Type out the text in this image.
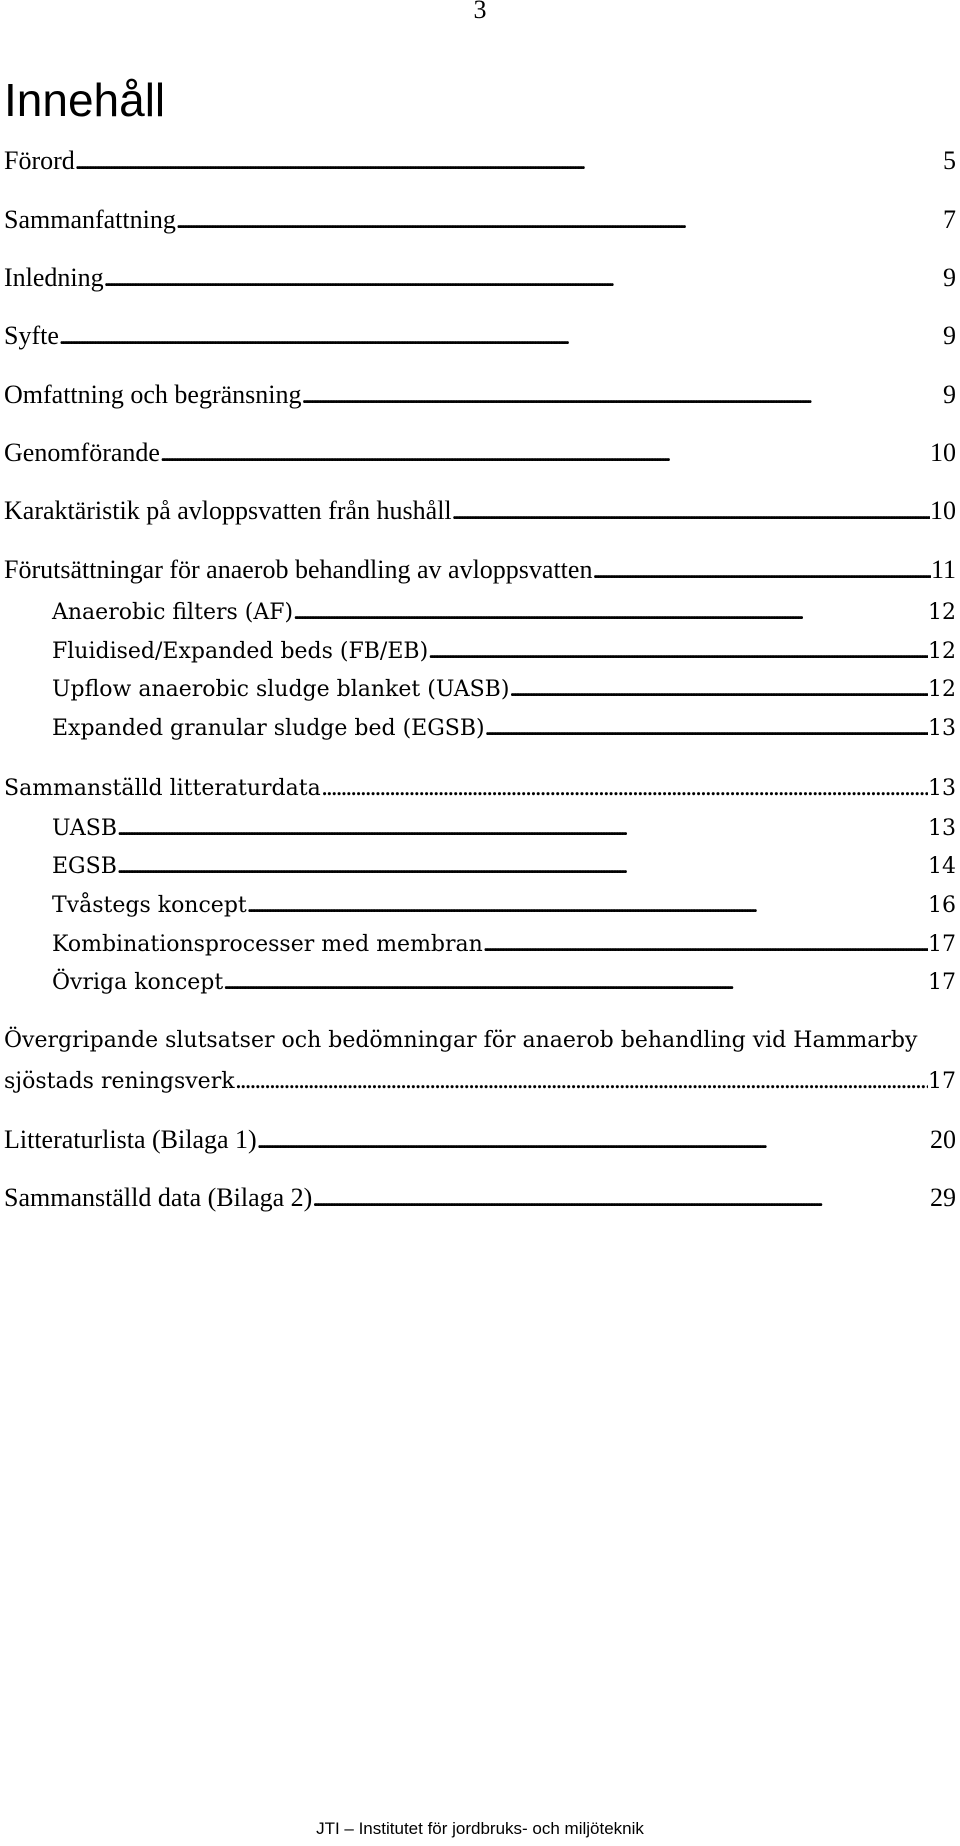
3
Innehåll
Förord . . .	5
Sammanfattning . . .	7
Inledning . . .	9
Syfte . . .	9
Omfattning och begränsning . . .	9
Genomförande . . .	10
Karaktäristik på avloppsvatten från hushåll . . .	10
Förutsättningar för anaerob behandling av avloppsvatten . . .	11
Anaerobic filters (AF) . . .	12
Fluidised/Expanded beds (FB/EB) . . .	12
Upflow anaerobic sludge blanket (UASB) . . .	12
Expanded granular sludge bed (EGSB) . . .	13
Sammanställd litteraturdata . . .	13
UASB . . .	13
EGSB . . .	14
Tvåstegs koncept . . .	16
Kombinationsprocesser med membran . . .	17
Övriga koncept . . .	17
Övergripande slutsatser och bedömningar för anaerob behandling vid Hammarby
sjöstads reningsverk . . .	17
Litteraturlista (Bilaga 1) . . .	20
Sammanställd data (Bilaga 2) . . .	29
JTI – Institutet för jordbruks- och miljöteknik
